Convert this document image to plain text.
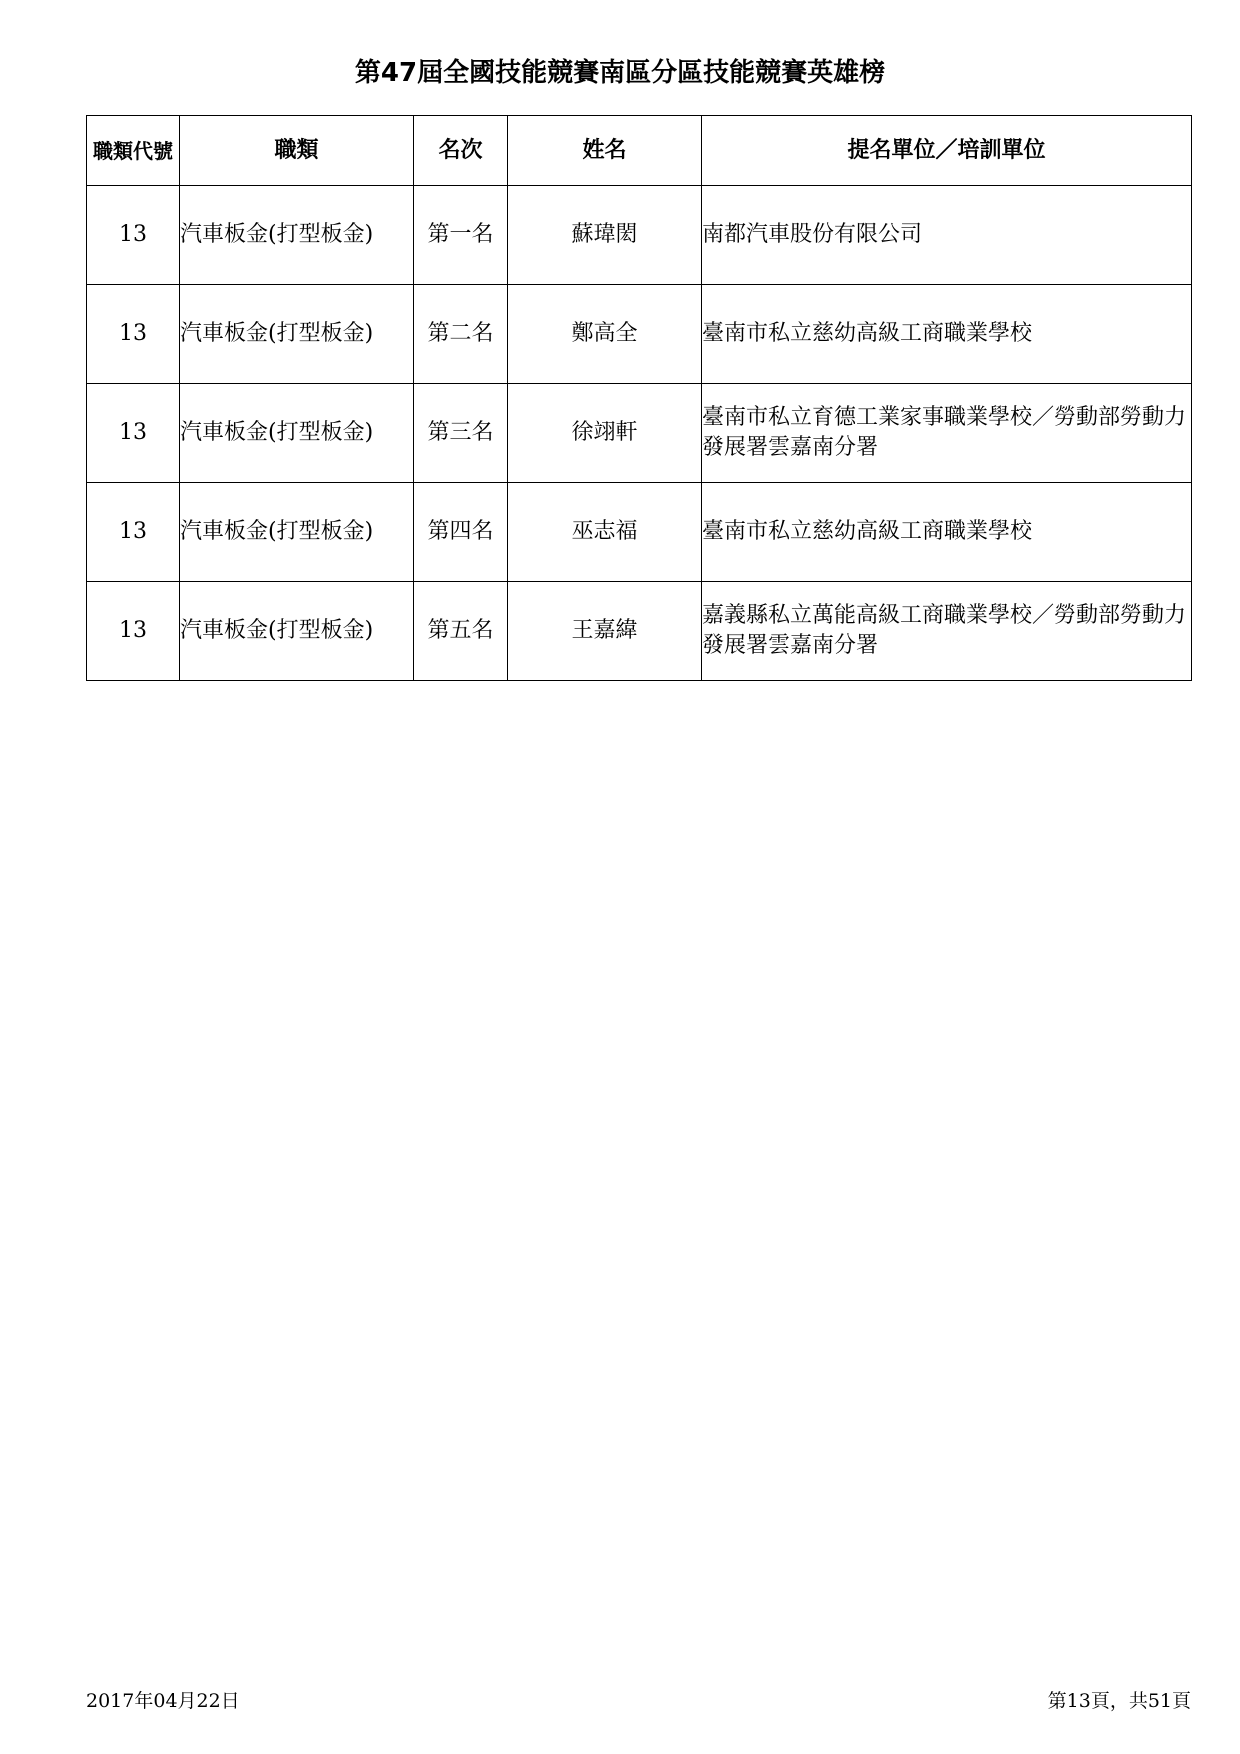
第47屆全國技能競賽南區分區技能競賽英雄榜
職類代號	職類	名次	姓名	提名單位／培訓單位
13	汽車板金(打型板金)	第一名	蘇瑋閎	南都汽車股份有限公司
13	汽車板金(打型板金)	第二名	鄭高全	臺南市私立慈幼高級工商職業學校
13	汽車板金(打型板金)	第三名	徐翊軒	臺南市私立育德工業家事職業學校／勞動部勞動力發展署雲嘉南分署
13	汽車板金(打型板金)	第四名	巫志福	臺南市私立慈幼高級工商職業學校
13	汽車板金(打型板金)	第五名	王嘉緯	嘉義縣私立萬能高級工商職業學校／勞動部勞動力發展署雲嘉南分署
2017年04月22日	第13頁，共51頁
